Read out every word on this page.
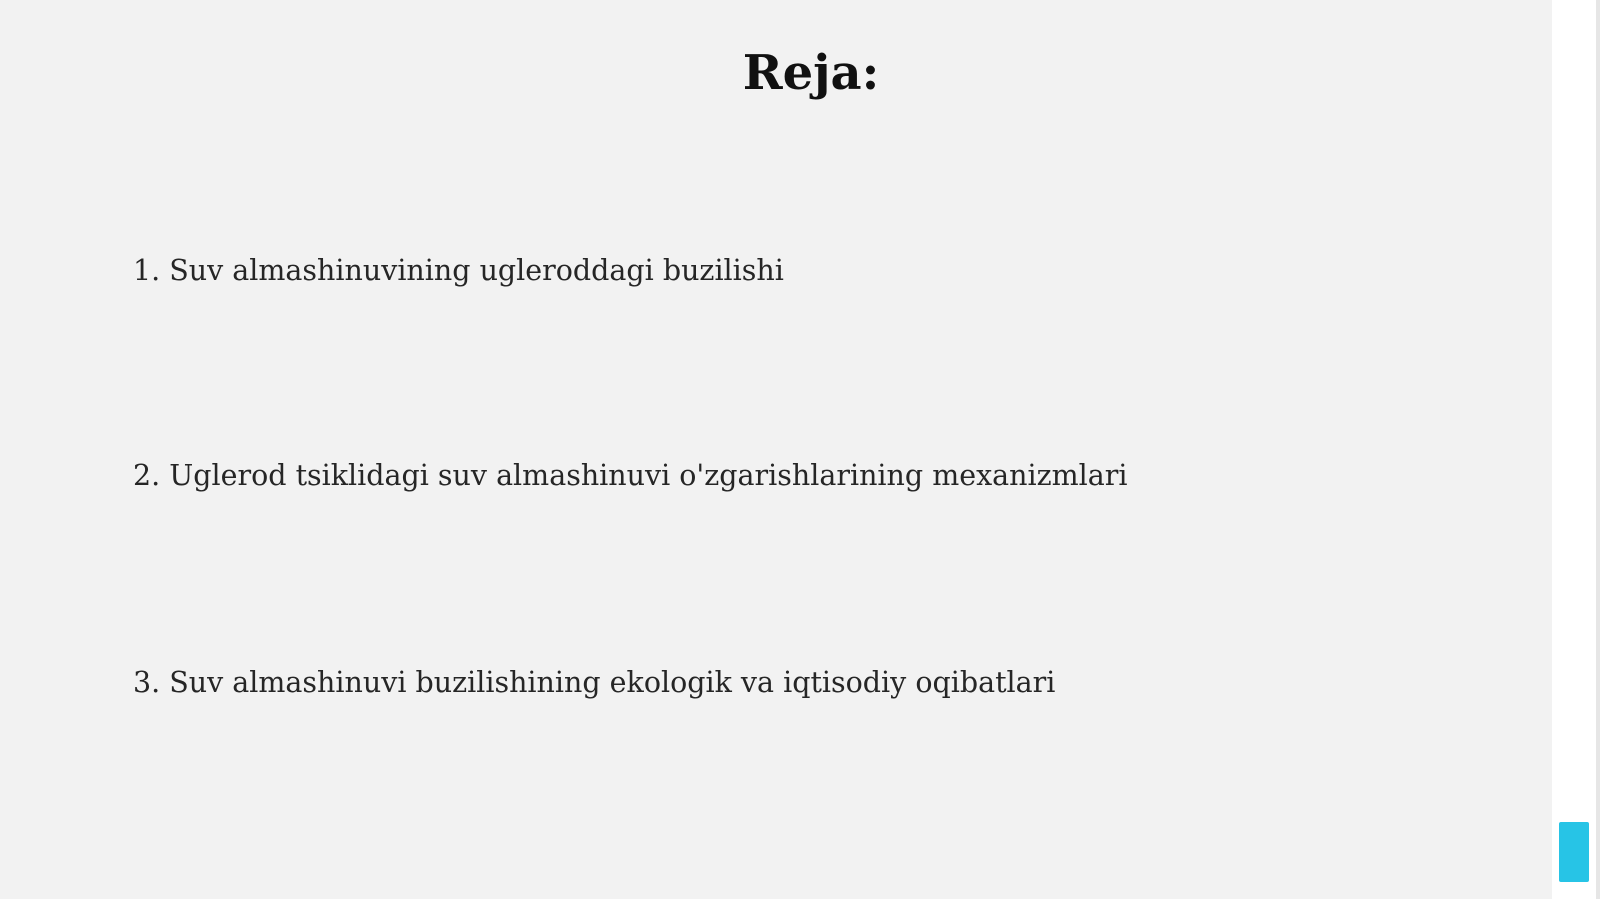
Reja:
1. Suv almashinuvining ugleroddagi buzilishi
2. Uglerod tsiklidagi suv almashinuvi o'zgarishlarining mexanizmlari
3. Suv almashinuvi buzilishining ekologik va iqtisodiy oqibatlari
